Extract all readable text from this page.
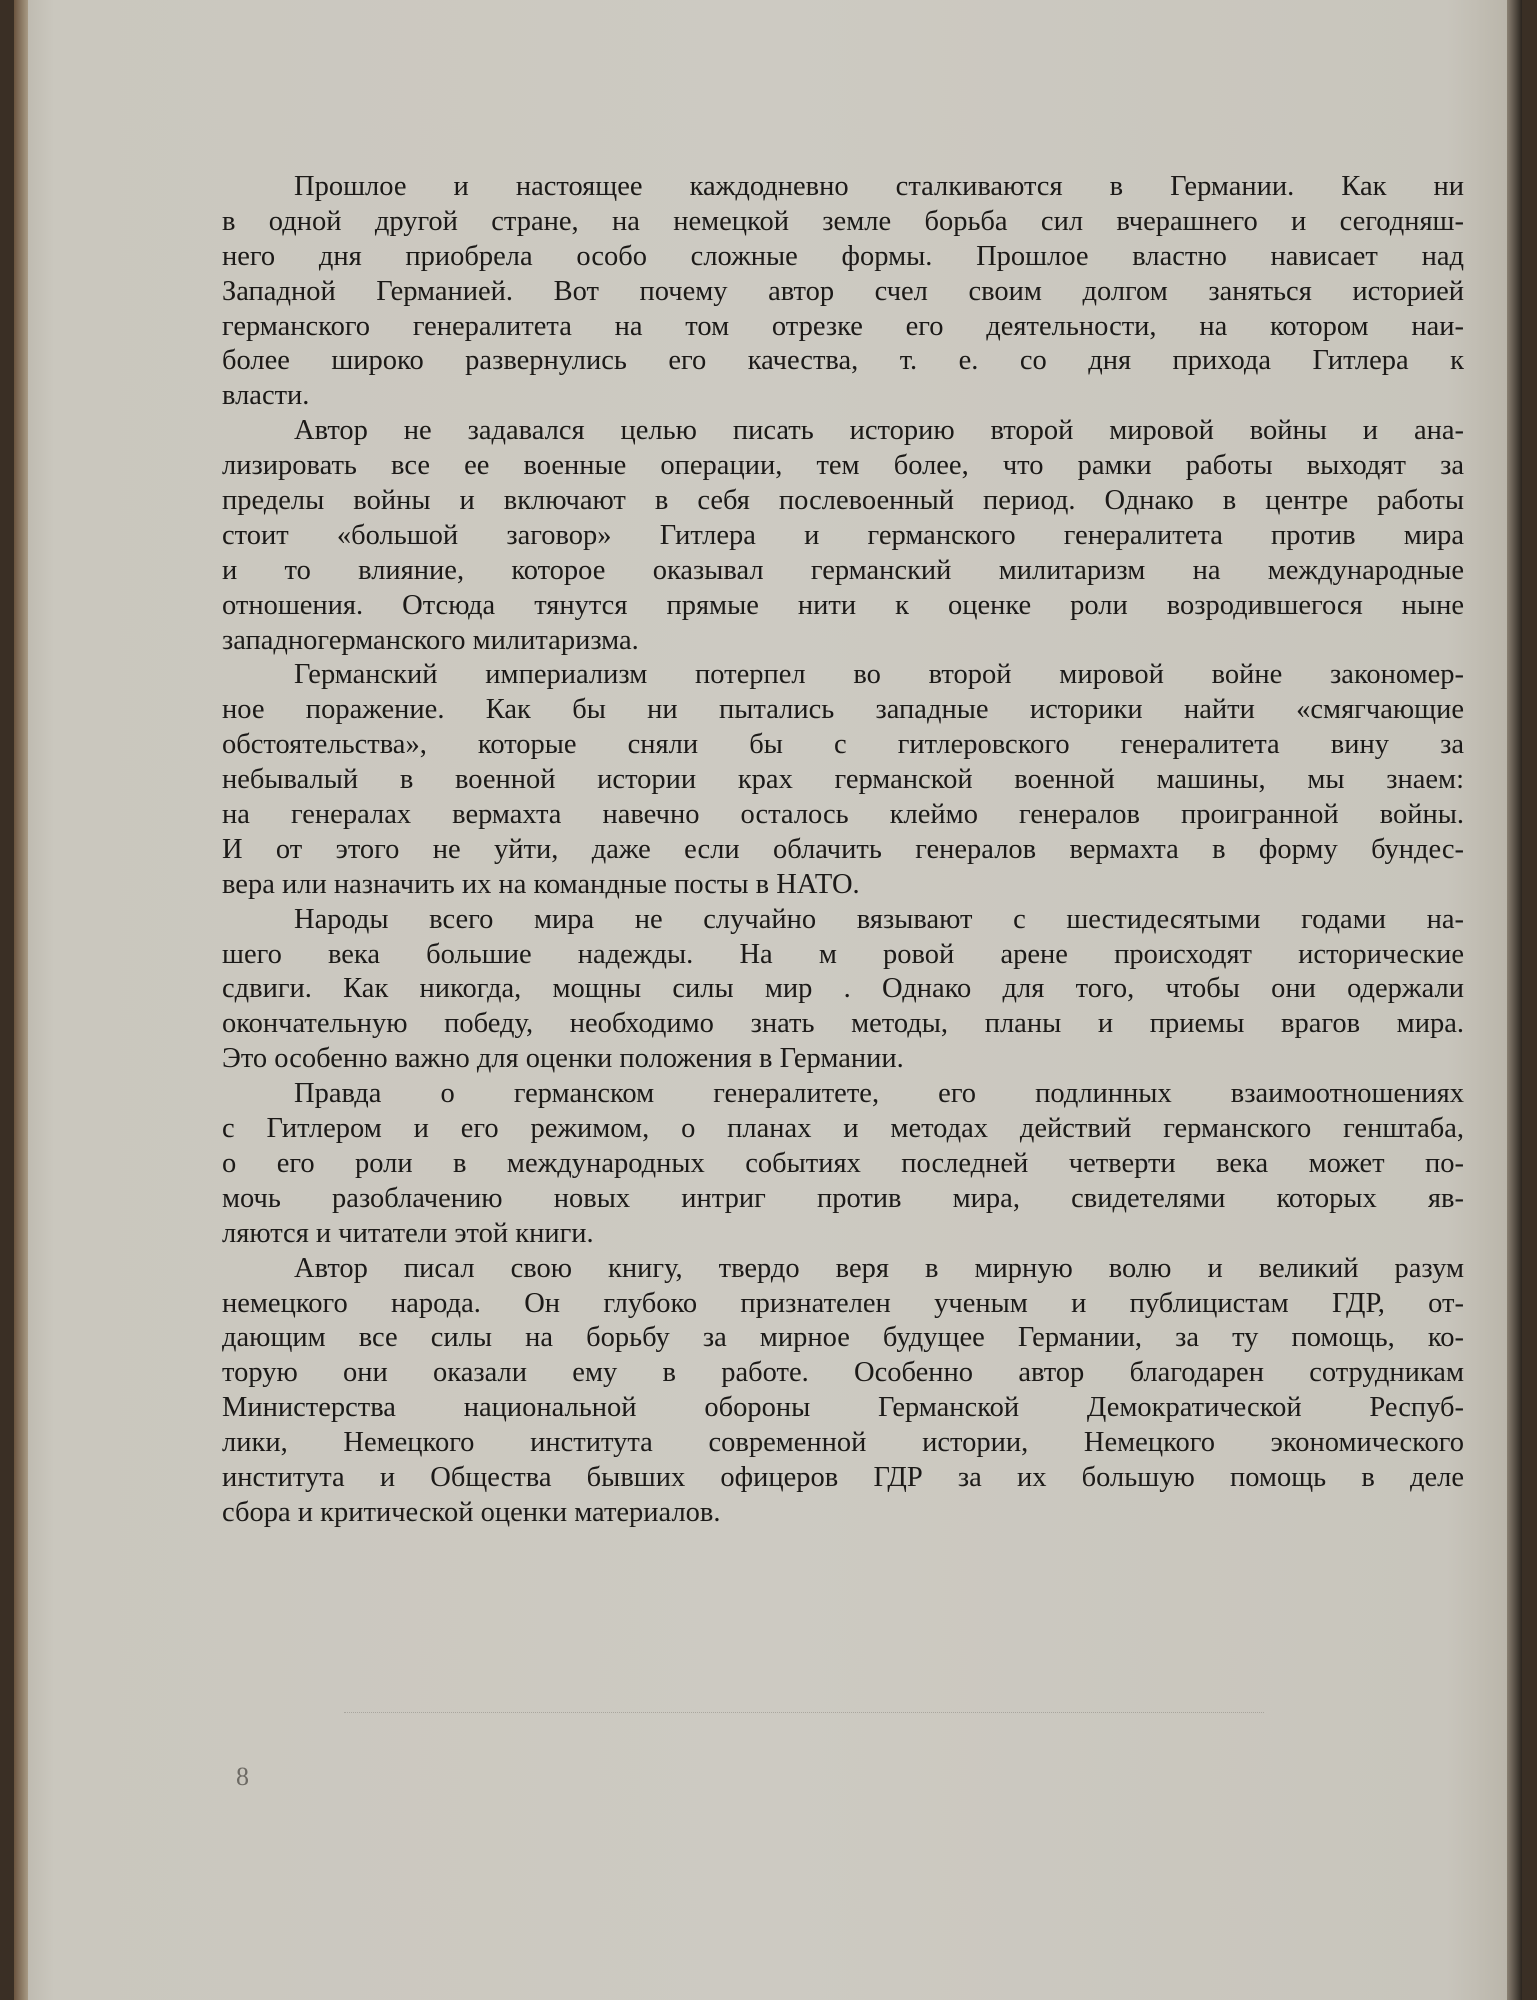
Прошлое и настоящее каждодневно сталкиваются в Германии. Как ни
в одной другой стране, на немецкой земле борьба сил вчерашнего и сегодняш-
него дня приобрела особо сложные формы. Прошлое властно нависает над
Западной Германией. Вот почему автор счел своим долгом заняться историей
германского генералитета на том отрезке его деятельности, на котором наи-
более широко развернулись его качества, т. е. со дня прихода Гитлера к
власти.
Автор не задавался целью писать историю второй мировой войны и ана-
лизировать все ее военные операции, тем более, что рамки работы выходят за
пределы войны и включают в себя послевоенный период. Однако в центре работы
стоит «большой заговор» Гитлера и германского генералитета против мира
и то влияние, которое оказывал германский милитаризм на международные
отношения. Отсюда тянутся прямые нити к оценке роли возродившегося ныне
западногерманского милитаризма.
Германский империализм потерпел во второй мировой войне закономер-
ное поражение. Как бы ни пытались западные историки найти «смягчающие
обстоятельства», которые сняли бы с гитлеровского генералитета вину за
небывалый в военной истории крах германской военной машины, мы знаем:
на генералах вермахта навечно осталось клеймо генералов проигранной войны.
И от этого не уйти, даже если облачить генералов вермахта в форму бундес-
вера или назначить их на командные посты в НАТО.
Народы всего мира не случайно вязывают с шестидесятыми годами на-
шего века большие надежды. На м ровой арене происходят исторические
сдвиги. Как никогда, мощны силы мир . Однако для того, чтобы они одержали
окончательную победу, необходимо знать методы, планы и приемы врагов мира.
Это особенно важно для оценки положения в Германии.
Правда о германском генералитете, его подлинных взаимоотношениях
с Гитлером и его режимом, о планах и методах действий германского генштаба,
о его роли в международных событиях последней четверти века может по-
мочь разоблачению новых интриг против мира, свидетелями которых яв-
ляются и читатели этой книги.
Автор писал свою книгу, твердо веря в мирную волю и великий разум
немецкого народа. Он глубоко признателен ученым и публицистам ГДР, от-
дающим все силы на борьбу за мирное будущее Германии, за ту помощь, ко-
торую они оказали ему в работе. Особенно автор благодарен сотрудникам
Министерства национальной обороны Германской Демократической Респуб-
лики, Немецкого института современной истории, Немецкого экономического
института и Общества бывших офицеров ГДР за их большую помощь в деле
сбора и критической оценки материалов.
8
